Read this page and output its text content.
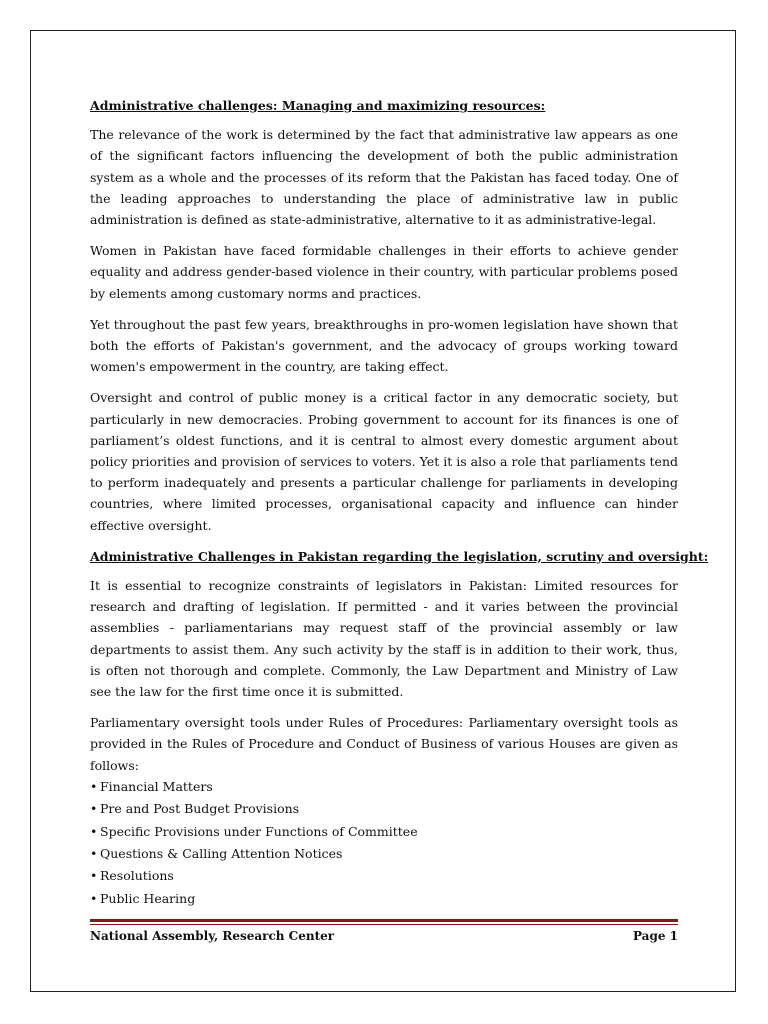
Administrative challenges: Managing and maximizing resources:

The relevance of the work is determined by the fact that administrative law appears as one of the significant factors influencing the development of both the public administration system as a whole and the processes of its reform that the Pakistan has faced today. One of the leading approaches to understanding the place of administrative law in public administration is defined as state-administrative, alternative to it as administrative-legal.

Women in Pakistan have faced formidable challenges in their efforts to achieve gender equality and address gender-based violence in their country, with particular problems posed by elements among customary norms and practices.

Yet throughout the past few years, breakthroughs in pro-women legislation have shown that both the efforts of Pakistan's government, and the advocacy of groups working toward women's empowerment in the country, are taking effect.

Oversight and control of public money is a critical factor in any democratic society, but particularly in new democracies. Probing government to account for its finances is one of parliament’s oldest functions, and it is central to almost every domestic argument about policy priorities and provision of services to voters. Yet it is also a role that parliaments tend to perform inadequately and presents a particular challenge for parliaments in developing countries, where limited processes, organisational capacity and influence can hinder effective oversight.

Administrative Challenges in Pakistan regarding the legislation, scrutiny and oversight:

It is essential to recognize constraints of legislators in Pakistan: Limited resources for research and drafting of legislation. If permitted - and it varies between the provincial assemblies - parliamentarians may request staff of the provincial assembly or law departments to assist them. Any such activity by the staff is in addition to their work, thus, is often not thorough and complete. Commonly, the Law Department and Ministry of Law see the law for the first time once it is submitted.

Parliamentary oversight tools under Rules of Procedures: Parliamentary oversight tools as provided in the Rules of Procedure and Conduct of Business of various Houses are given as follows:

• Financial Matters
• Pre and Post Budget Provisions
• Specific Provisions under Functions of Committee
• Questions & Calling Attention Notices
• Resolutions
• Public Hearing
National Assembly, Research Center	Page 1
